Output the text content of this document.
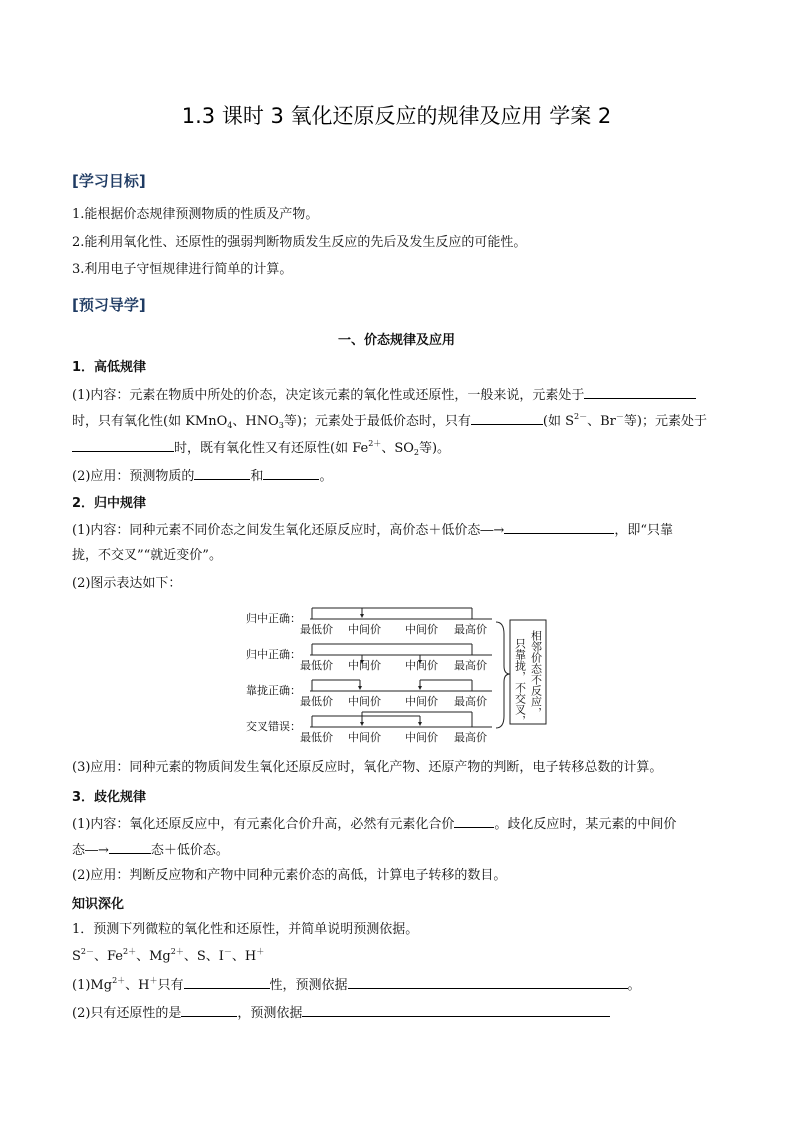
1.3 课时 3 氧化还原反应的规律及应用 学案 2
[学习目标]
1.能根据价态规律预测物质的性质及产物。
2.能利用氧化性、还原性的强弱判断物质发生反应的先后及发生反应的可能性。
3.利用电子守恒规律进行简单的计算。
[预习导学]
一、价态规律及应用
1．高低规律
(1)内容：元素在物质中所处的价态，决定该元素的氧化性或还原性，一般来说，元素处于
时，只有氧化性(如 KMnO$_4$、$HNO_3$等)；元素处于最低价态时，只有	(如 $S^{2-}$、Br－等)；元素处于
时，既有氧化性又有还原性(如 $Fe^{2+}$、$SO_2$等)。
(2)应用：预测物质的	和	。
2．归中规律
(1)内容：同种元素不同价态之间发生氧化还原反应时，高价态＋低价态―→	，即“只靠
拢，不交叉”“就近变价”。
(2)图示表达如下：
归中正确：
最低价 中间价 中间价 最高价
归中正确：
最低价 中间价 中间价 最高价
靠拢正确：
最低价 中间价 中间价 最高价
交叉错误：
最低价 中间价 中间价 最高价
只靠拢， 相邻价态不反应，
不交叉，
(3)应用：同种元素的物质间发生氧化还原反应时，氧化产物、还原产物的判断，电子转移总数的计算。
3．歧化规律
(1)内容：氧化还原反应中，有元素化合价升高，必然有元素化合价	。歧化反应时，某元素的中间价
态―→	态＋低价态。
(2)应用：判断反应物和产物中同种元素价态的高低，计算电子转移的数目。
知识深化
1．预测下列微粒的氧化性和还原性，并简单说明预测依据。
$S^{2-}$、$Fe^{2+}$、$Mg^{2+}$、S、I－、H＋
$(1)Mg^{2+}$、H＋只有	性，预测依据	。
(2)只有还原性的是	，预测依据
